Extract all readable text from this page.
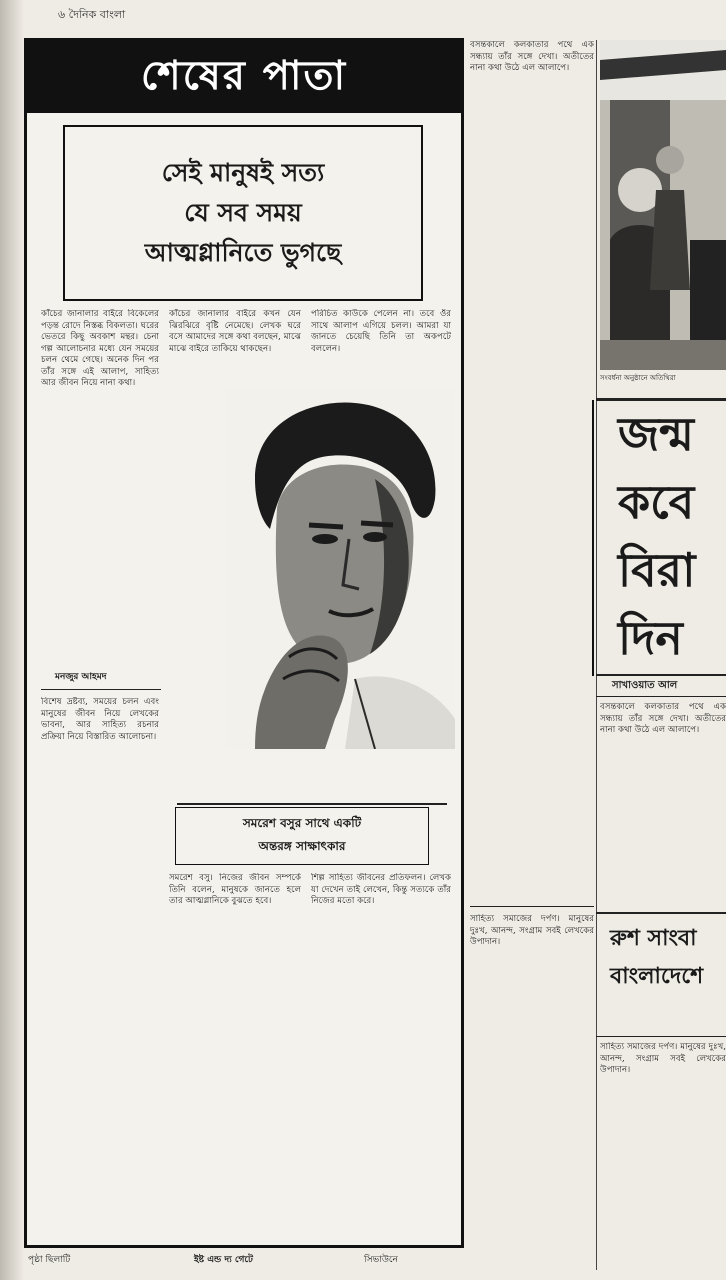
৬ দৈনিক বাংলা
শেষের পাতা
সেই মানুষই সত্য
যে সব সময়
আত্মগ্লানিতে ভুগছে
কাঁচের জানালার বাইরে বিকেলের পড়ন্ত রোদে নিস্তব্ধ বিকলতা। ঘরের ভেতরে কিছু অবকাশ মন্থর। চেনা গল্প আলোচনার মধ্যে যেন সময়ের চলন থেমে গেছে। অনেক দিন পর তাঁর সঙ্গে এই আলাপ, সাহিত্য আর জীবন নিয়ে নানা কথা।
কাঁচের জানালার বাইরে কখন যেন ঝিরঝিরে বৃষ্টি নেমেছে। লেখক ঘরে বসে আমাদের সঙ্গে কথা বলছেন, মাঝে মাঝে বাইরে তাকিয়ে থাকছেন।
পরিচিত কাউকে পেলেন না। তবে ওঁর সাথে আলাপ এগিয়ে চলল। আমরা যা জানতে চেয়েছি তিনি তা অকপটে বললেন।
মনজুর আহমদ
বিশেষ দ্রষ্টব্য, সময়ের চলন এবং মানুষের জীবন নিয়ে লেখকের ভাবনা, আর সাহিত্য রচনার প্রক্রিয়া নিয়ে বিস্তারিত আলোচনা।
সমরেশ বসুর সাথে একটি
অন্তরঙ্গ সাক্ষাৎকার
সমরেশ বসু। নিজের জীবন সম্পর্কে তিনি বলেন, মানুষকে জানতে হলে তার আত্মগ্লানিকে বুঝতে হবে।
শিল্প সাহিত্য জীবনের প্রতিফলন। লেখক যা দেখেন তাই লেখেন, কিন্তু সত্যকে তাঁর নিজের মতো করে।
বসন্তকালে কলকাতার পথে এক সন্ধ্যায় তাঁর সঙ্গে দেখা। অতীতের নানা কথা উঠে এল আলাপে।
সাহিত্য সমাজের দর্পণ। মানুষের দুঃখ, আনন্দ, সংগ্রাম সবই লেখকের উপাদান।
সংবর্ধনা অনুষ্ঠানে অতিথিরা
জন্ম
কবে
বিরা
দিন
সাখাওয়াত আল
বসন্তকালে কলকাতার পথে এক সন্ধ্যায় তাঁর সঙ্গে দেখা। অতীতের নানা কথা উঠে এল আলাপে।
রুশ সাংবা
বাংলাদেশে
সাহিত্য সমাজের দর্পণ। মানুষের দুঃখ, আনন্দ, সংগ্রাম সবই লেখকের উপাদান।
পৃষ্ঠা ছিলাটি	ইষ্ট এন্ড দ্য গেটে	সিভাউনে
